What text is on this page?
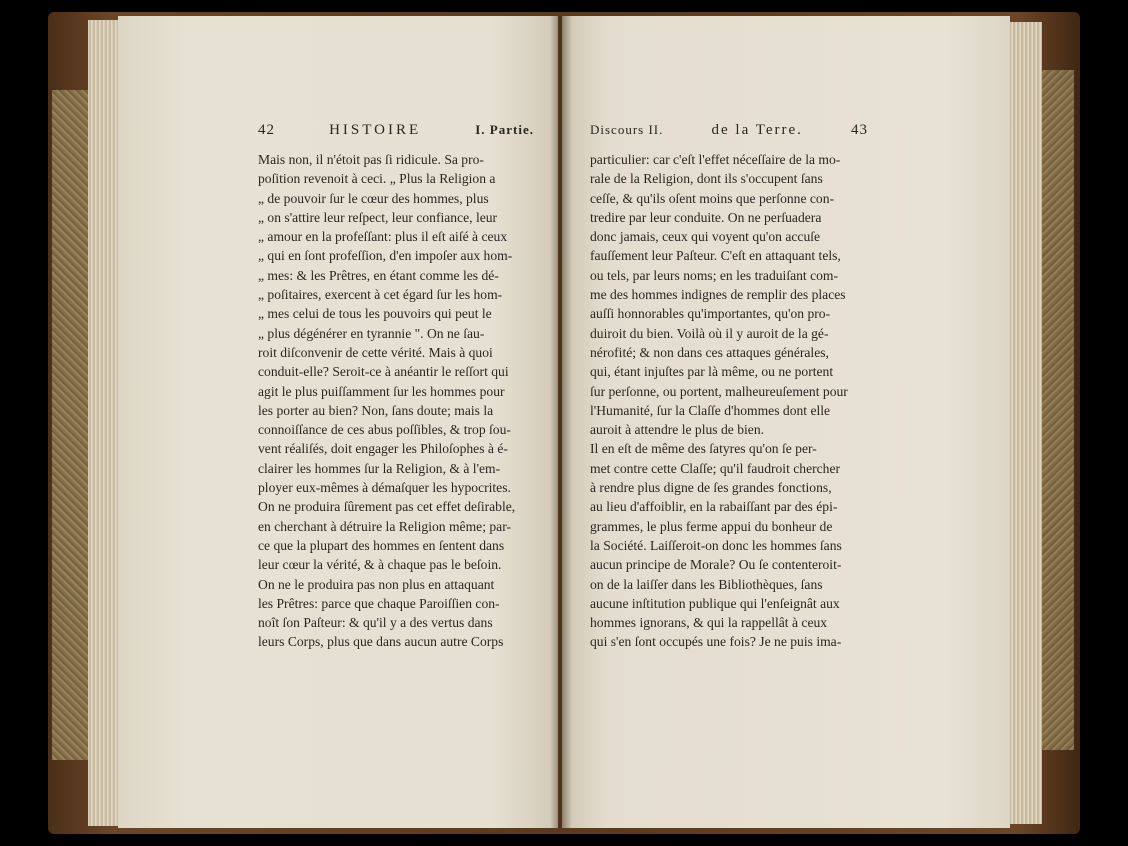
42	HISTOIRE	I. Partie.
Mais non, il n'étoit pas ſi ridicule. Sa pro-
poſition revenoit à ceci. „ Plus la Religion a
„ de pouvoir ſur le cœur des hommes, plus
„ on s'attire leur reſpect, leur confiance, leur
„ amour en la profeſſant: plus il eſt aiſé à ceux
„ qui en ſont profeſſion, d'en impoſer aux hom-
„ mes: & les Prêtres, en étant comme les dé-
„ poſitaires, exercent à cet égard ſur les hom-
„ mes celui de tous les pouvoirs qui peut le
„ plus dégénérer en tyrannie ". On ne ſau-
roit diſconvenir de cette vérité. Mais à quoi
conduit-elle? Seroit-ce à anéantir le reſſort qui
agit le plus puiſſamment ſur les hommes pour
les porter au bien? Non, ſans doute; mais la
connoiſſance de ces abus poſſibles, & trop ſou-
vent réaliſés, doit engager les Philoſophes à é-
clairer les hommes ſur la Religion, & à l'em-
ployer eux-mêmes à démaſquer les hypocrites.
On ne produira ſûrement pas cet effet deſirable,
en cherchant à détruire la Religion même; par-
ce que la plupart des hommes en ſentent dans
leur cœur la vérité, & à chaque pas le beſoin.
On ne le produira pas non plus en attaquant
les Prêtres: parce que chaque Paroiſſien con-
noît ſon Paſteur: & qu'il y a des vertus dans
leurs Corps, plus que dans aucun autre Corps
Discours II.	de la Terre.	43
particulier: car c'eſt l'effet néceſſaire de la mo-
rale de la Religion, dont ils s'occupent ſans
ceſſe, & qu'ils oſent moins que perſonne con-
tredire par leur conduite. On ne perſuadera
donc jamais, ceux qui voyent qu'on accuſe
fauſſement leur Paſteur. C'eſt en attaquant tels,
ou tels, par leurs noms; en les traduiſant com-
me des hommes indignes de remplir des places
auſſi honnorables qu'importantes, qu'on pro-
duiroit du bien. Voilà où il y auroit de la gé-
nérofité; & non dans ces attaques générales,
qui, étant injuſtes par là même, ou ne portent
ſur perſonne, ou portent, malheureuſement pour
l'Humanité, ſur la Claſſe d'hommes dont elle
auroit à attendre le plus de bien.
Il en eſt de même des ſatyres qu'on ſe per-
met contre cette Claſſe; qu'il faudroit chercher
à rendre plus digne de ſes grandes fonctions,
au lieu d'affoiblir, en la rabaiſſant par des épi-
grammes, le plus ferme appui du bonheur de
la Société. Laiſſeroit-on donc les hommes ſans
aucun principe de Morale? Ou ſe contenteroit-
on de la laiſſer dans les Bibliothèques, ſans
aucune inſtitution publique qui l'enſeignât aux
hommes ignorans, & qui la rappellât à ceux
qui s'en ſont occupés une fois? Je ne puis ima-
